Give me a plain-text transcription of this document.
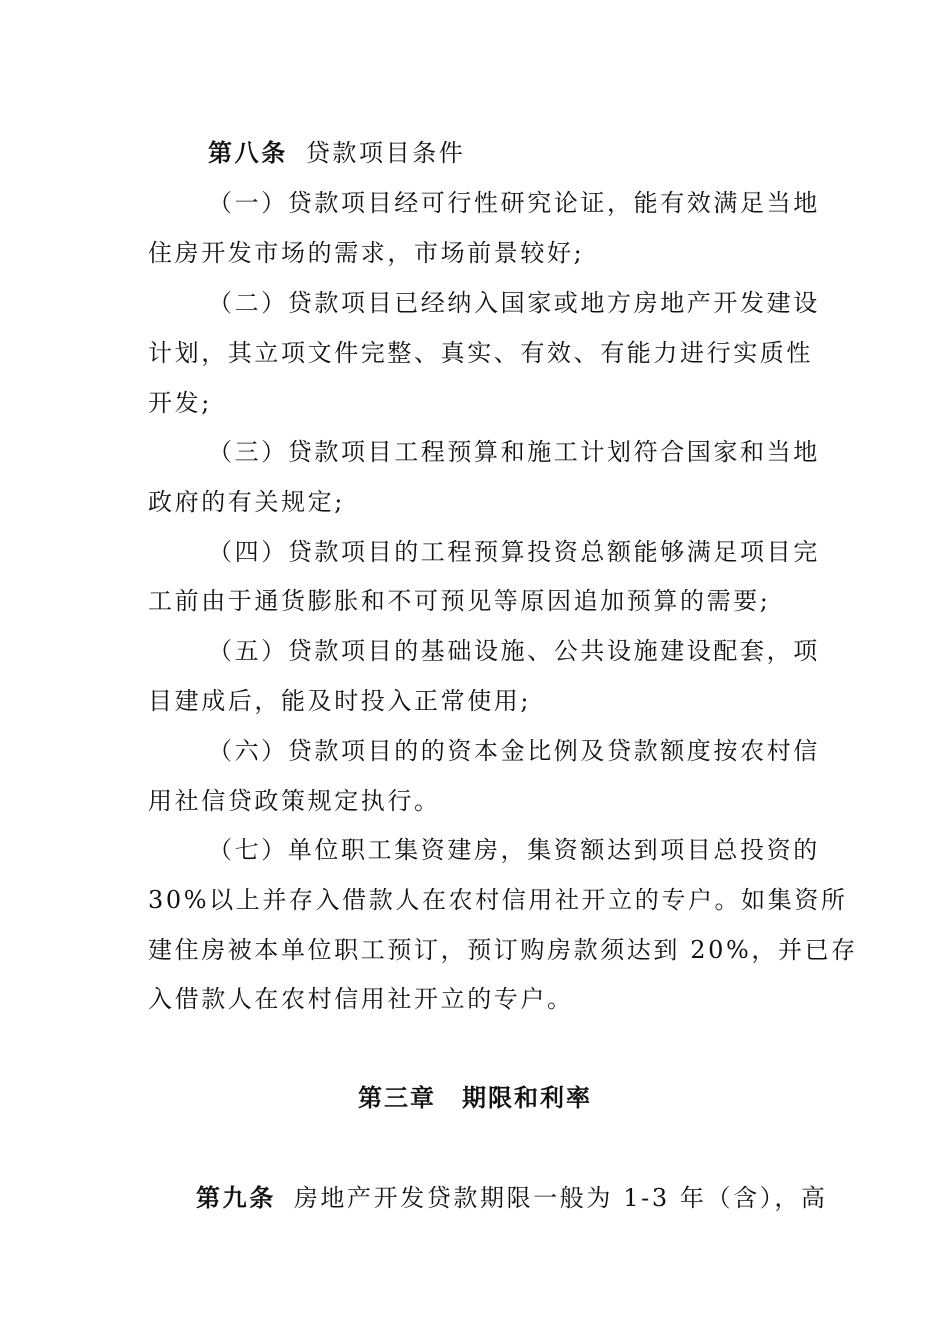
第八条 贷款项目条件
（一）贷款项目经可行性研究论证，能有效满足当地
住房开发市场的需求，市场前景较好;
（二）贷款项目已经纳入国家或地方房地产开发建设
计划，其立项文件完整、真实、有效、有能力进行实质性
开发;
（三）贷款项目工程预算和施工计划符合国家和当地
政府的有关规定;
（四）贷款项目的工程预算投资总额能够满足项目完
工前由于通货膨胀和不可预见等原因追加预算的需要;
（五）贷款项目的基础设施、公共设施建设配套，项
目建成后，能及时投入正常使用;
（六）贷款项目的的资本金比例及贷款额度按农村信
用社信贷政策规定执行。
（七）单位职工集资建房，集资额达到项目总投资的
30%以上并存入借款人在农村信用社开立的专户。如集资所
建住房被本单位职工预订，预订购房款须达到 20%，并已存
入借款人在农村信用社开立的专户。
第三章　期限和利率
第九条 房地产开发贷款期限一般为 1-3 年（含），高
